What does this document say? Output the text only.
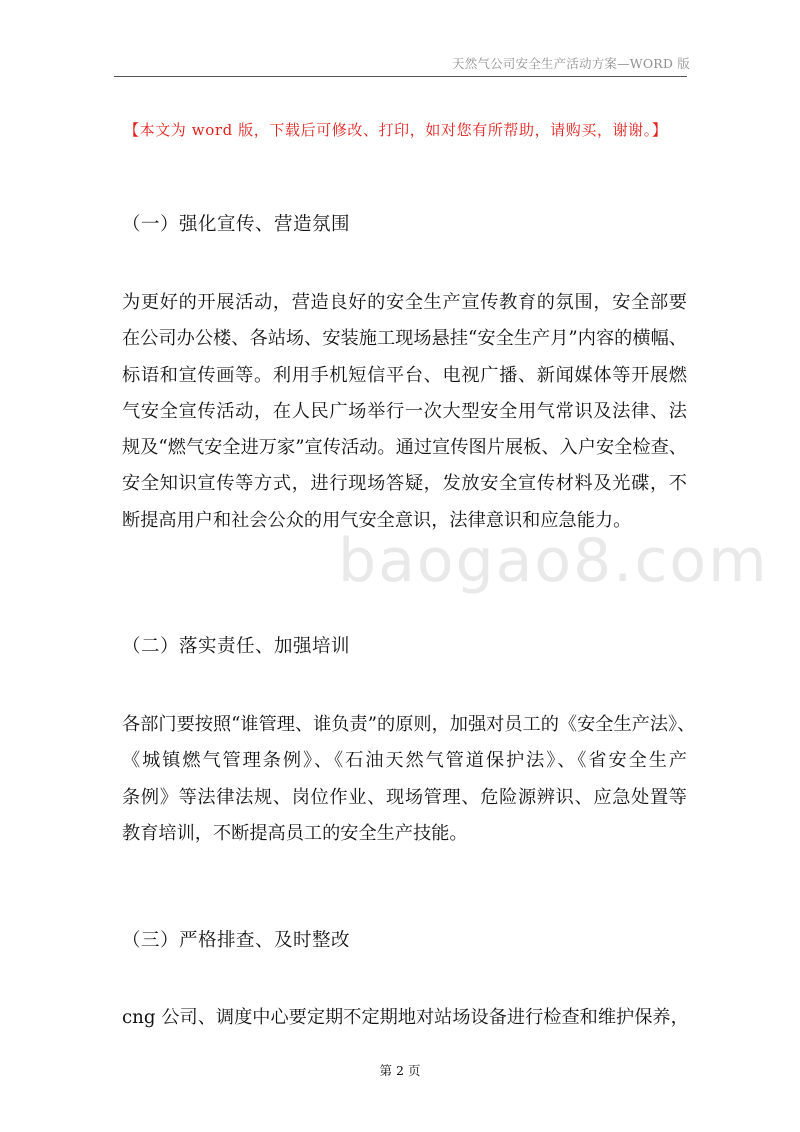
天然气公司安全生产活动方案—WORD 版
baogao8.com
【本文为 word 版，下载后可修改、打印，如对您有所帮助，请购买，谢谢。】
（一）强化宣传、营造氛围
为更好的开展活动，营造良好的安全生产宣传教育的氛围，安全部要
在公司办公楼、各站场、安装施工现场悬挂“安全生产月”内容的横幅、
标语和宣传画等。利用手机短信平台、电视广播、新闻媒体等开展燃
气安全宣传活动，在人民广场举行一次大型安全用气常识及法律、法
规及“燃气安全进万家”宣传活动。通过宣传图片展板、入户安全检查、
安全知识宣传等方式，进行现场答疑，发放安全宣传材料及光碟，不
断提高用户和社会公众的用气安全意识，法律意识和应急能力。
（二）落实责任、加强培训
各部门要按照“谁管理、谁负责”的原则，加强对员工的《安全生产法》、
《城镇燃气管理条例》、《石油天然气管道保护法》、《省安全生产
条例》等法律法规、岗位作业、现场管理、危险源辨识、应急处置等
教育培训，不断提高员工的安全生产技能。
（三）严格排查、及时整改
cng 公司、调度中心要定期不定期地对站场设备进行检查和维护保养，
第 2 页
